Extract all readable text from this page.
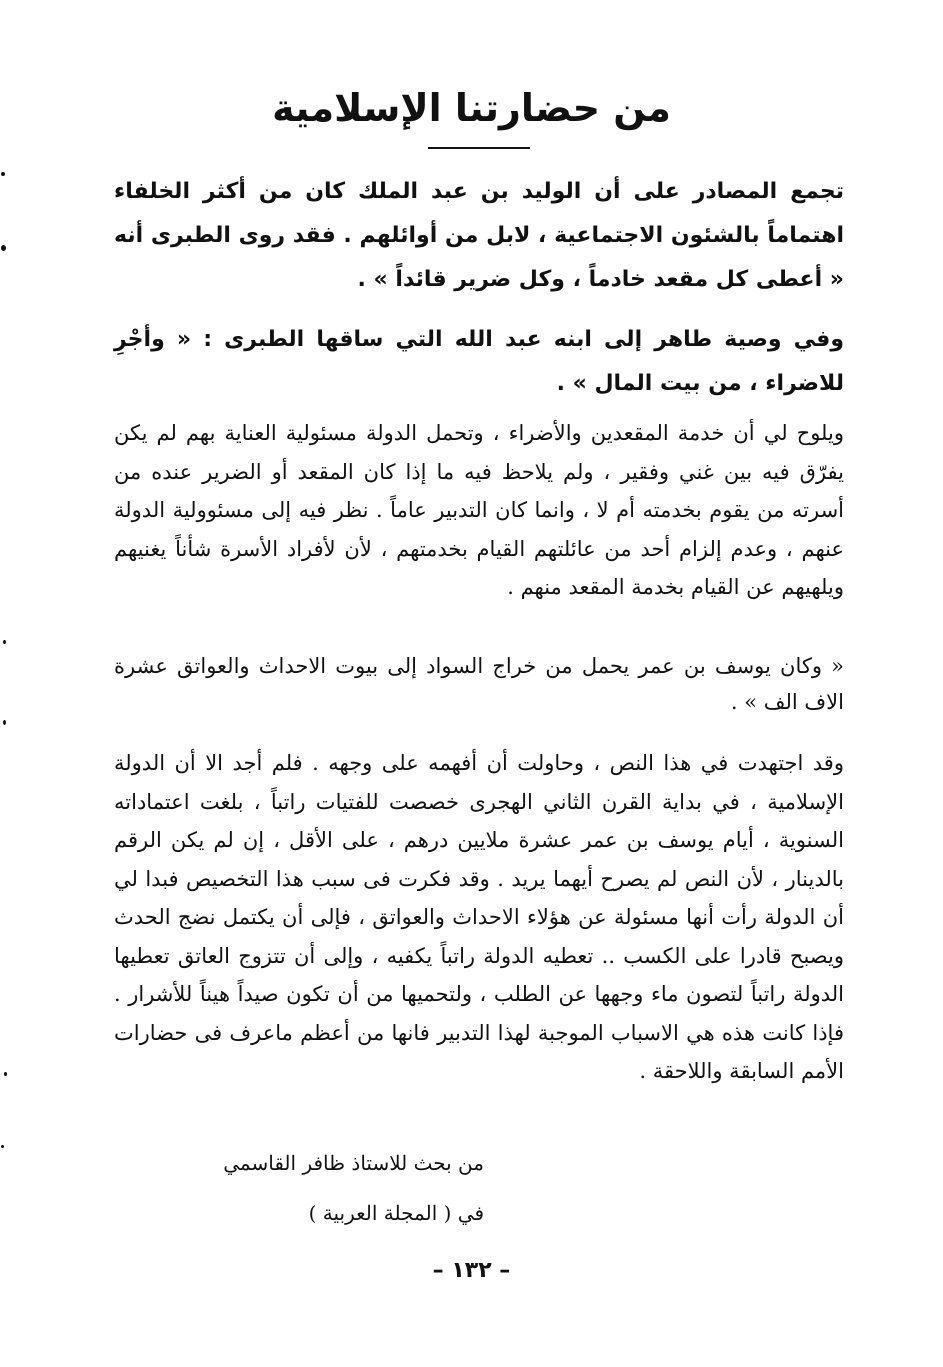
من حضارتنا الإسلامية

تجمع المصادر على أن الوليد بن عبد الملك كان من أكثر الخلفاء اهتماماً بالشئون الاجتماعية ، لابل من أوائلهم . فقد روى الطبرى أنه « أعطى كل مقعد خادماً ، وكل ضرير قائداً » .

وفي وصية طاهر إلى ابنه عبد الله التي ساقها الطبرى : « وأجْرِ للاضراء ، من بيت المال » .

ويلوح لي أن خدمة المقعدين والأضراء ، وتحمل الدولة مسئولية العناية بهم لم يكن يفرّق فيه بين غني وفقير ، ولم يلاحظ فيه ما إذا كان المقعد أو الضرير عنده من أسرته من يقوم بخدمته أم لا ، وانما كان التدبير عاماً . نظر فيه إلى مسئوولية الدولة عنهم ، وعدم إلزام أحد من عائلتهم القيام بخدمتهم ، لأن لأفراد الأسرة شأناً يغنيهم ويلهيهم عن القيام بخدمة المقعد منهم .

« وكان يوسف بن عمر يحمل من خراج السواد إلى بيوت الاحداث والعواتق عشرة الاف الف » .

وقد اجتهدت في هذا النص ، وحاولت أن أفهمه على وجهه . فلم أجد الا أن الدولة الإسلامية ، في بداية القرن الثاني الهجرى خصصت للفتيات راتباً ، بلغت اعتماداته السنوية ، أيام يوسف بن عمر عشرة ملايين درهم ، على الأقل ، إن لم يكن الرقم بالدينار ، لأن النص لم يصرح أيهما يريد . وقد فكرت فى سبب هذا التخصيص فبدا لي أن الدولة رأت أنها مسئولة عن هؤلاء الاحداث والعواتق ، فإلى أن يكتمل نضج الحدث ويصبح قادرا على الكسب .. تعطيه الدولة راتباً يكفيه ، وإلى أن تتزوج العاتق تعطيها الدولة راتباً لتصون ماء وجهها عن الطلب ، ولتحميها من أن تكون صيداً هيناً للأشرار . فإذا كانت هذه هي الاسباب الموجبة لهذا التدبير فانها من أعظم ماعرف فى حضارات الأمم السابقة واللاحقة .

من بحث للاستاذ ظافر القاسمي

في ( المجلة العربية )

– ١٣٢ –
